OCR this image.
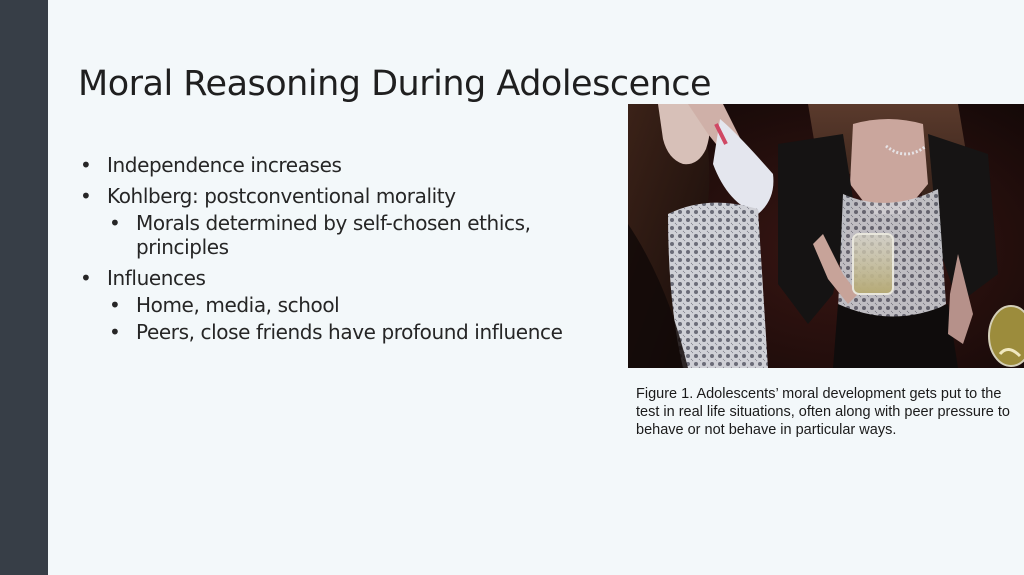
Moral Reasoning During Adolescence
• Independence increases
• Kohlberg: postconventional morality
• Morals determined by self-chosen ethics, principles
• Influences
• Home, media, school
• Peers, close friends have profound influence

Figure 1. Adolescents’ moral development gets put to the test in real life situations, often along with peer pressure to behave or not behave in particular ways.
